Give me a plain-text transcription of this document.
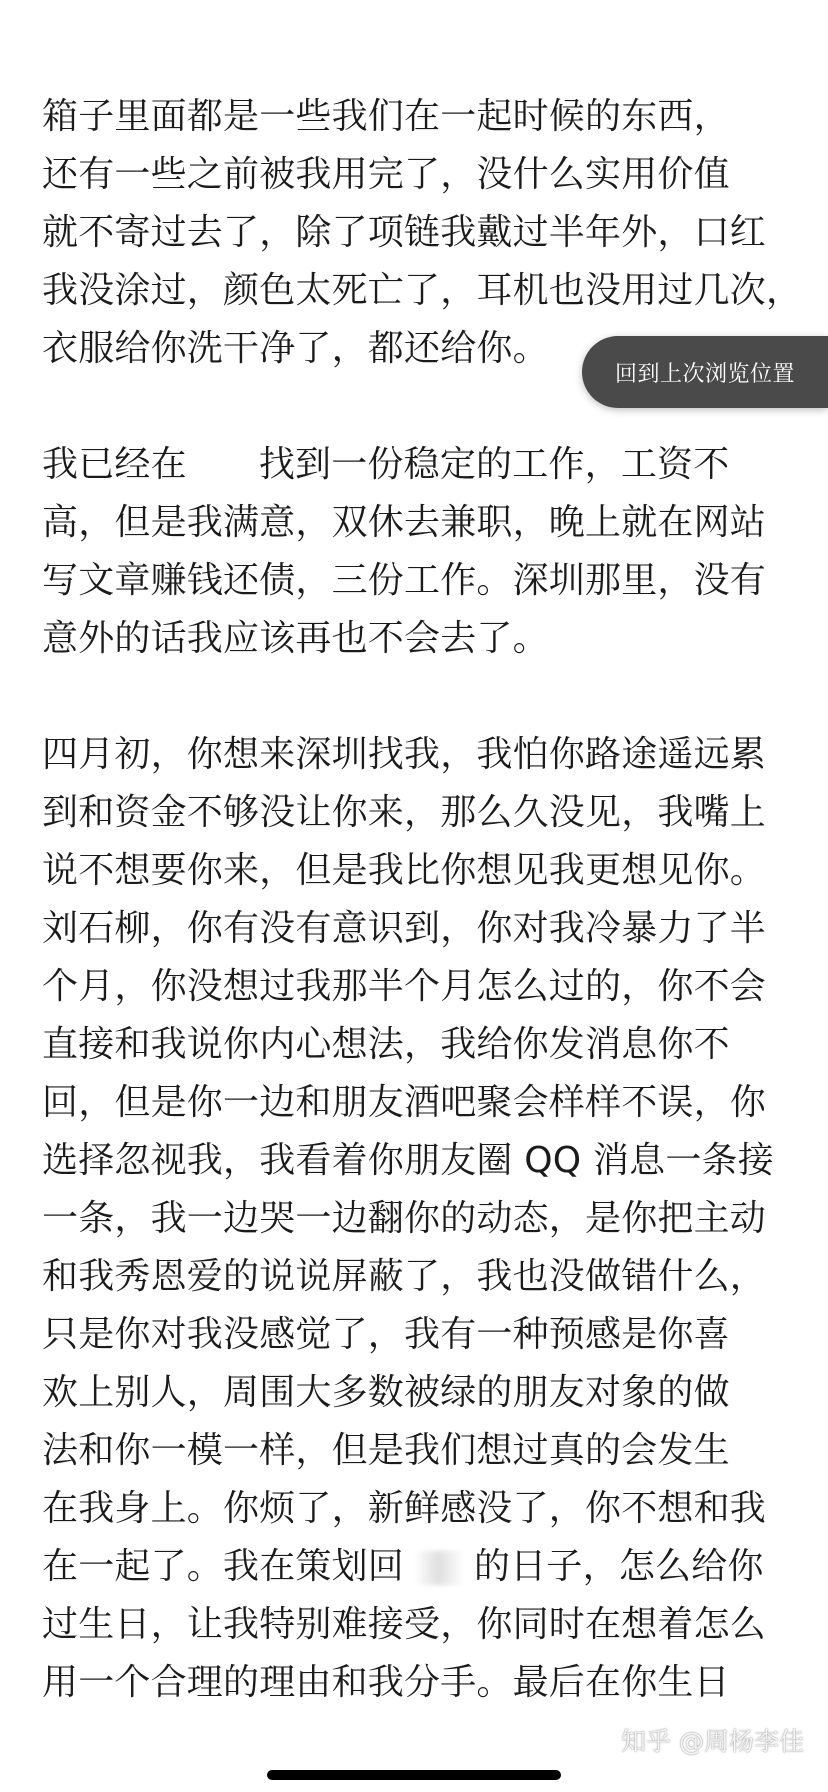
箱子里面都是一些我们在一起时候的东西，
还有一些之前被我用完了，没什么实用价值
就不寄过去了，除了项链我戴过半年外，口红
我没涂过，颜色太死亡了，耳机也没用过几次，
衣服给你洗干净了，都还给你。
我已经在 找到一份稳定的工作，工资不
高，但是我满意，双休去兼职，晚上就在网站
写文章赚钱还债，三份工作。深圳那里，没有
意外的话我应该再也不会去了。
四月初，你想来深圳找我，我怕你路途遥远累
到和资金不够没让你来，那么久没见，我嘴上
说不想要你来，但是我比你想见我更想见你。
刘石柳，你有没有意识到，你对我冷暴力了半
个月，你没想过我那半个月怎么过的，你不会
直接和我说你内心想法，我给你发消息你不
回，但是你一边和朋友酒吧聚会样样不误，你
选择忽视我，我看着你朋友圈 QQ 消息一条接
一条，我一边哭一边翻你的动态，是你把主动
和我秀恩爱的说说屏蔽了，我也没做错什么，
只是你对我没感觉了，我有一种预感是你喜
欢上别人，周围大多数被绿的朋友对象的做
法和你一模一样，但是我们想过真的会发生
在我身上。你烦了，新鲜感没了，你不想和我
在一起了。我在策划回 的日子，怎么给你
过生日，让我特别难接受，你同时在想着怎么
用一个合理的理由和我分手。最后在你生日
回到上次浏览位置
知乎 @周杨李佳
